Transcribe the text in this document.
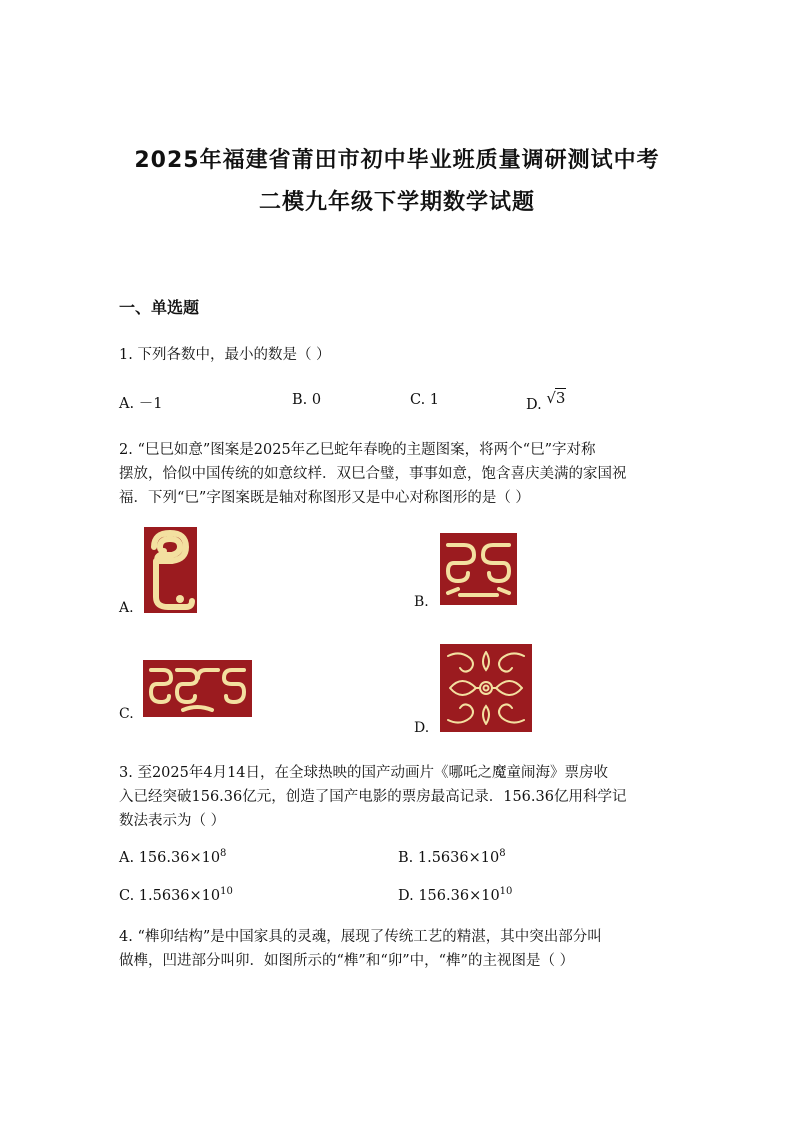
2025年福建省莆田市初中毕业班质量调研测试中考
二模九年级下学期数学试题
一、单选题
1. 下列各数中，最小的数是（ ）
A. －1	B. 0	C. 1	D. √3
2. “巳巳如意”图案是2025年乙巳蛇年春晚的主题图案，将两个“巳”字对称
摆放，恰似中国传统的如意纹样．双巳合璧，事事如意，饱含喜庆美满的家国祝
福．下列“巳”字图案既是轴对称图形又是中心对称图形的是（ ）
A.	B.
C.
D.
3. 至2025年4月14日，在全球热映的国产动画片《哪吒之魔童闹海》票房收
入已经突破156.36亿元，创造了国产电影的票房最高记录．156.36亿用科学记
数法表示为（ ）
A. $156.36\times 10^8$	B. $1.5636\times 10^8$
C. $1.5636\times 10^{10}$	D. $156.36\times 10^{10}$
4. “榫卯结构”是中国家具的灵魂，展现了传统工艺的精湛，其中突出部分叫
做榫，凹进部分叫卯．如图所示的“榫”和“卯”中，“榫”的主视图是（ ）
